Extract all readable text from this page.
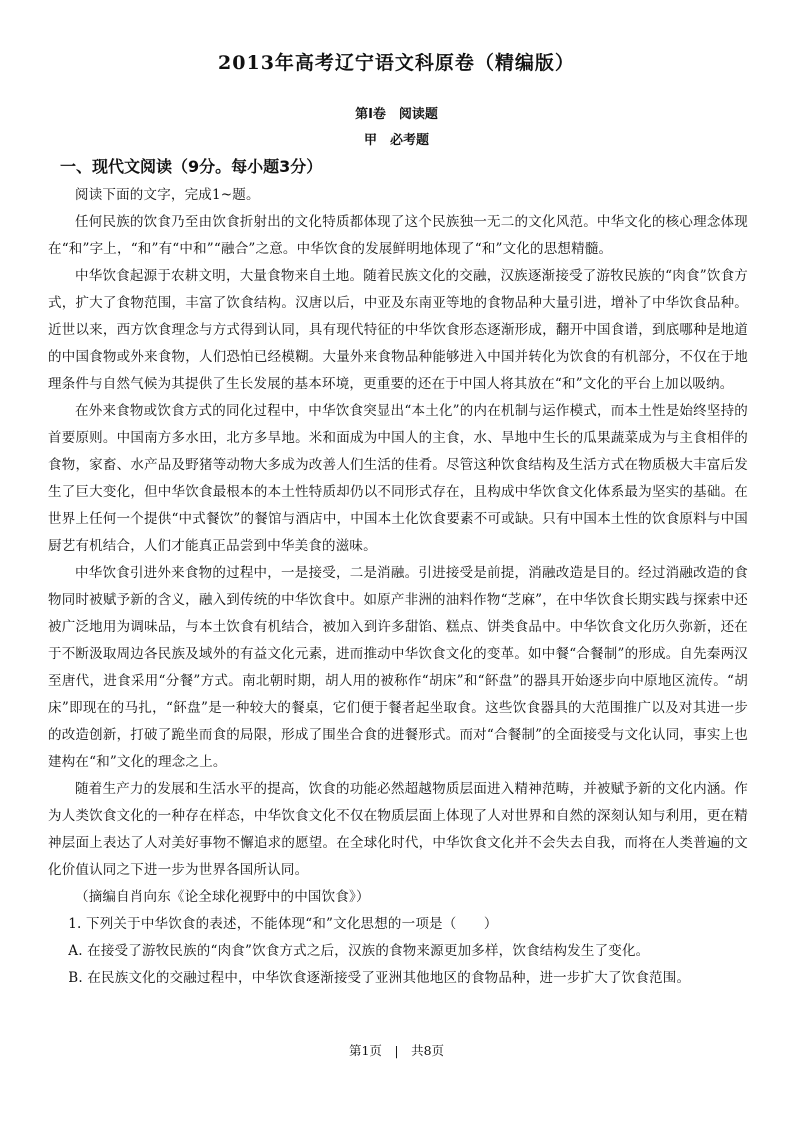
2013年高考辽宁语文科原卷（精编版）
第Ⅰ卷　阅读题
甲　必考题
一、现代文阅读（9分。每小题3分）

阅读下面的文字，完成1~题。

任何民族的饮食乃至由饮食折射出的文化特质都体现了这个民族独一无二的文化风范。中华文化的核心理念体现在“和”字上，“和”有“中和”“融合”之意。中华饮食的发展鲜明地体现了“和”文化的思想精髓。

中华饮食起源于农耕文明，大量食物来自土地。随着民族文化的交融，汉族逐渐接受了游牧民族的“肉食”饮食方式，扩大了食物范围，丰富了饮食结构。汉唐以后，中亚及东南亚等地的食物品种大量引进，增补了中华饮食品种。近世以来，西方饮食理念与方式得到认同，具有现代特征的中华饮食形态逐渐形成，翻开中国食谱，到底哪种是地道的中国食物或外来食物，人们恐怕已经模糊。大量外来食物品种能够进入中国并转化为饮食的有机部分，不仅在于地理条件与自然气候为其提供了生长发展的基本环境，更重要的还在于中国人将其放在“和”文化的平台上加以吸纳。

在外来食物或饮食方式的同化过程中，中华饮食突显出“本土化”的内在机制与运作模式，而本土性是始终坚持的首要原则。中国南方多水田，北方多旱地。米和面成为中国人的主食，水、旱地中生长的瓜果蔬菜成为与主食相伴的食物，家畜、水产品及野猪等动物大多成为改善人们生活的佳肴。尽管这种饮食结构及生活方式在物质极大丰富后发生了巨大变化，但中华饮食最根本的本土性特质却仍以不同形式存在，且构成中华饮食文化体系最为坚实的基础。在世界上任何一个提供“中式餐饮”的餐馆与酒店中，中国本土化饮食要素不可或缺。只有中国本土性的饮食原料与中国厨艺有机结合，人们才能真正品尝到中华美食的滋味。

中华饮食引进外来食物的过程中，一是接受，二是消融。引进接受是前提，消融改造是目的。经过消融改造的食物同时被赋予新的含义，融入到传统的中华饮食中。如原产非洲的油料作物“芝麻”，在中华饮食长期实践与探索中还被广泛地用为调味品，与本土饮食有机结合，被加入到许多甜馅、糕点、饼类食品中。中华饮食文化历久弥新，还在于不断汲取周边各民族及域外的有益文化元素，进而推动中华饮食文化的变革。如中餐“合餐制”的形成。自先秦两汉至唐代，进食采用“分餐”方式。南北朝时期，胡人用的被称作“胡床”和“䬪盘”的器具开始逐步向中原地区流传。“胡床”即现在的马扎，“䬪盘”是一种较大的餐桌，它们便于餐者起坐取食。这些饮食器具的大范围推广以及对其进一步的改造创新，打破了跪坐而食的局限，形成了围坐合食的进餐形式。而对“合餐制”的全面接受与文化认同，事实上也建构在“和”文化的理念之上。

随着生产力的发展和生活水平的提高，饮食的功能必然超越物质层面进入精神范畴，并被赋予新的文化内涵。作为人类饮食文化的一种存在样态，中华饮食文化不仅在物质层面上体现了人对世界和自然的深刻认知与利用，更在精神层面上表达了人对美好事物不懈追求的愿望。在全球化时代，中华饮食文化并不会失去自我，而将在人类普遍的文化价值认同之下进一步为世界各国所认同。

（摘编自肖向东《论全球化视野中的中国饮食》）

1. 下列关于中华饮食的表述，不能体现“和”文化思想的一项是（　　）

A. 在接受了游牧民族的“肉食”饮食方式之后，汉族的食物来源更加多样，饮食结构发生了变化。

B. 在民族文化的交融过程中，中华饮食逐渐接受了亚洲其他地区的食物品种，进一步扩大了饮食范围。

第1页　|　共8页
